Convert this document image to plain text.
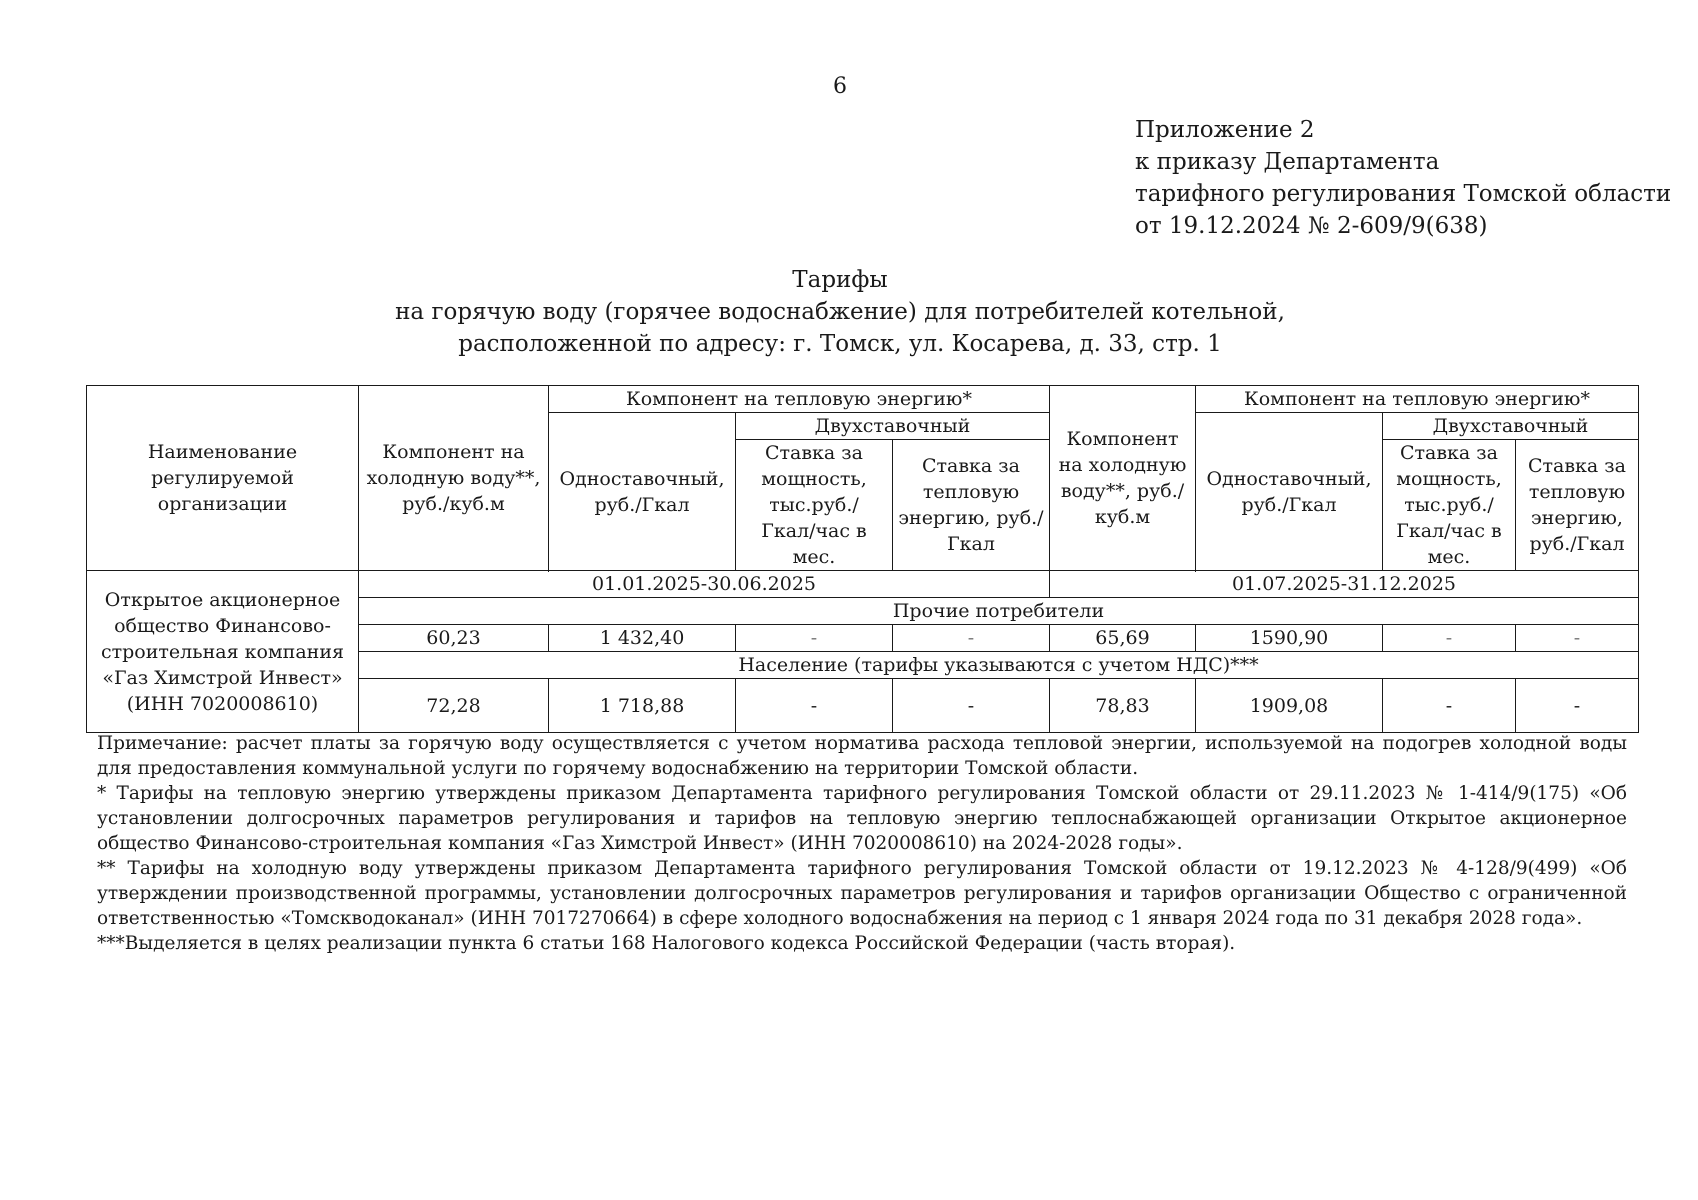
6
Приложение 2
к приказу Департамента
тарифного регулирования Томской области
от 19.12.2024 № 2-609/9(638)
Тарифы
на горячую воду (горячее водоснабжение) для потребителей котельной,
расположенной по адресу: г. Томск, ул. Косарева, д. 33, стр. 1
Наименование регулируемой организации	Компонент на холодную воду**, руб./куб.м	Компонент на тепловую энергию*			Компонент на холодную воду**, руб./куб.м	Компонент на тепловую энергию*		
		Одноставочный, руб./Гкал	Двухставочный			Одноставочный, руб./Гкал	Двухставочный	
			Ставка за мощность, тыс.руб./ Гкал/час в мес.	Ставка за тепловую энергию, руб./Гкал			Ставка за мощность, тыс.руб./ Гкал/час в мес.	Ставка за тепловую энергию, руб./Гкал

Открытое акционерное общество Финансово-строительная компания «Газ Химстрой Инвест» (ИНН 7020008610)	01.01.2025-30.06.2025				01.07.2025-31.12.2025			
	Прочие потребители							
	60,23	1 432,40	-	-	65,69	1590,90	-	-
	Население (тарифы указываются с учетом НДС)***							
	72,28	1 718,88	-	-	78,83	1909,08	-	-

Примечание: расчет платы за горячую воду осуществляется с учетом норматива расхода тепловой энергии, используемой на подогрев холодной воды для предоставления коммунальной услуги по горячему водоснабжению на территории Томской области.

* Тарифы на тепловую энергию утверждены приказом Департамента тарифного регулирования Томской области от 29.11.2023 № 1-414/9(175) «Об установлении долгосрочных параметров регулирования и тарифов на тепловую энергию теплоснабжающей организации Открытое акционерное общество Финансово-строительная компания «Газ Химстрой Инвест» (ИНН 7020008610) на 2024-2028 годы».

** Тарифы на холодную воду утверждены приказом Департамента тарифного регулирования Томской области от 19.12.2023 № 4-128/9(499) «Об утверждении производственной программы, установлении долгосрочных параметров регулирования и тарифов организации Общество с ограниченной ответственностью «Томскводоканал» (ИНН 7017270664) в сфере холодного водоснабжения на период с 1 января 2024 года по 31 декабря 2028 года».

***Выделяется в целях реализации пункта 6 статьи 168 Налогового кодекса Российской Федерации (часть вторая).
